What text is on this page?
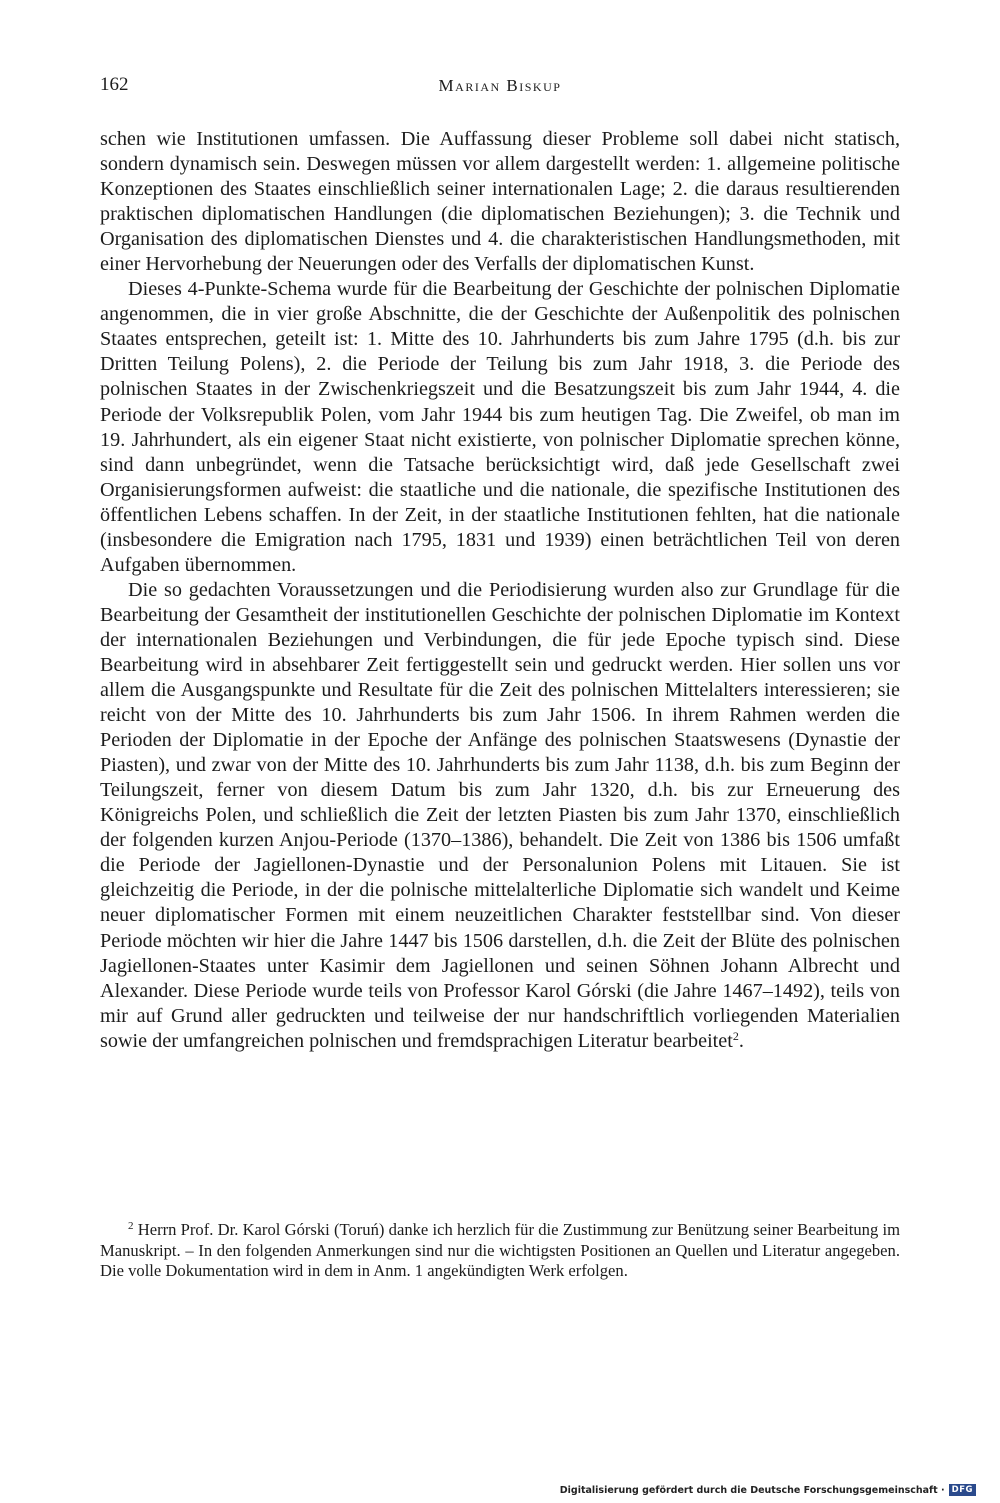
162	Marian Biskup

schen wie Institutionen umfassen. Die Auffassung dieser Probleme soll dabei nicht statisch, sondern dynamisch sein. Deswegen müssen vor allem dargestellt werden: 1. allgemeine politische Konzeptionen des Staates einschließlich seiner internationalen Lage; 2. die daraus resultierenden praktischen diplomatischen Handlungen (die diplomatischen Beziehungen); 3. die Technik und Organisation des diplomatischen Dienstes und 4. die charakteristischen Handlungsmethoden, mit einer Hervorhebung der Neuerungen oder des Verfalls der diplomatischen Kunst.

Dieses 4-Punkte-Schema wurde für die Bearbeitung der Geschichte der polnischen Diplomatie angenommen, die in vier große Abschnitte, die der Geschichte der Außenpolitik des polnischen Staates entsprechen, geteilt ist: 1. Mitte des 10. Jahrhunderts bis zum Jahre 1795 (d.h. bis zur Dritten Teilung Polens), 2. die Periode der Teilung bis zum Jahr 1918, 3. die Periode des polnischen Staates in der Zwischenkriegszeit und die Besatzungszeit bis zum Jahr 1944, 4. die Periode der Volksrepublik Polen, vom Jahr 1944 bis zum heutigen Tag. Die Zweifel, ob man im 19. Jahrhundert, als ein eigener Staat nicht existierte, von polnischer Diplomatie sprechen könne, sind dann unbegründet, wenn die Tatsache berücksichtigt wird, daß jede Gesellschaft zwei Organisierungsformen aufweist: die staatliche und die nationale, die spezifische Institutionen des öffentlichen Lebens schaffen. In der Zeit, in der staatliche Institutionen fehlten, hat die nationale (insbesondere die Emigration nach 1795, 1831 und 1939) einen beträchtlichen Teil von deren Aufgaben übernommen.

Die so gedachten Voraussetzungen und die Periodisierung wurden also zur Grundlage für die Bearbeitung der Gesamtheit der institutionellen Geschichte der polnischen Diplomatie im Kontext der internationalen Beziehungen und Verbindungen, die für jede Epoche typisch sind. Diese Bearbeitung wird in absehbarer Zeit fertiggestellt sein und gedruckt werden. Hier sollen uns vor allem die Ausgangspunkte und Resultate für die Zeit des polnischen Mittelalters interessieren; sie reicht von der Mitte des 10. Jahrhunderts bis zum Jahr 1506. In ihrem Rahmen werden die Perioden der Diplomatie in der Epoche der Anfänge des polnischen Staatswesens (Dynastie der Piasten), und zwar von der Mitte des 10. Jahrhunderts bis zum Jahr 1138, d.h. bis zum Beginn der Teilungszeit, ferner von diesem Datum bis zum Jahr 1320, d.h. bis zur Erneuerung des Königreichs Polen, und schließlich die Zeit der letzten Piasten bis zum Jahr 1370, einschließlich der folgenden kurzen Anjou-Periode (1370–1386), behandelt. Die Zeit von 1386 bis 1506 umfaßt die Periode der Jagiellonen-Dynastie und der Personalunion Polens mit Litauen. Sie ist gleichzeitig die Periode, in der die polnische mittelalterliche Diplomatie sich wandelt und Keime neuer diplomatischer Formen mit einem neuzeitlichen Charakter feststellbar sind. Von dieser Periode möchten wir hier die Jahre 1447 bis 1506 darstellen, d.h. die Zeit der Blüte des polnischen Jagiellonen-Staates unter Kasimir dem Jagiellonen und seinen Söhnen Johann Albrecht und Alexander. Diese Periode wurde teils von Professor Karol Górski (die Jahre 1467–1492), teils von mir auf Grund aller gedruckten und teilweise der nur handschriftlich vorliegenden Materialien sowie der umfangreichen polnischen und fremdsprachigen Literatur bearbeitet$^2$.

$^2$ Herrn Prof. Dr. Karol Górski (Toruń) danke ich herzlich für die Zustimmung zur Benützung seiner Bearbeitung im Manuskript. – In den folgenden Anmerkungen sind nur die wichtigsten Positionen an Quellen und Literatur angegeben. Die volle Dokumentation wird in dem in Anm. 1 angekündigten Werk erfolgen.

Digitalisierung gefördert durch die Deutsche Forschungsgemeinschaft · DFG
